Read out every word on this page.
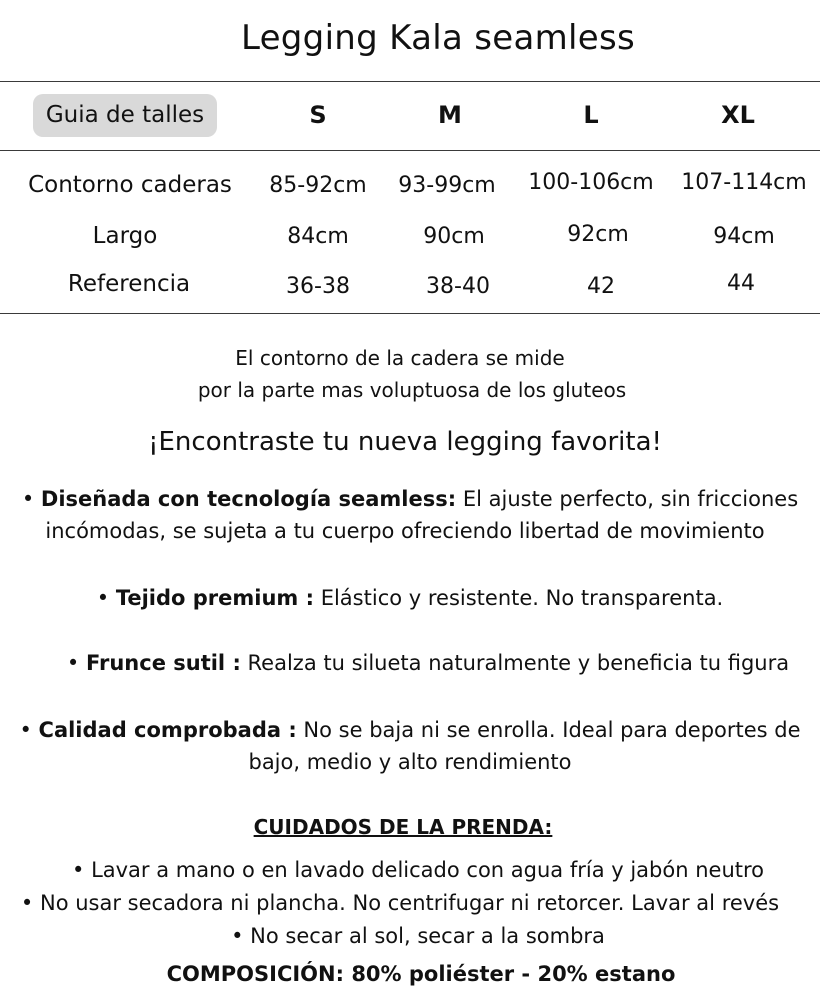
Legging Kala seamless
Guia de talles	S	M	L	XL
Contorno caderas	85-92cm	93-99cm	100-106cm	107-114cm
Largo	84cm	90cm	92cm	94cm
Referencia	36-38	38-40	42	44
El contorno de la cadera se mide
por la parte mas voluptuosa de los gluteos
¡Encontraste tu nueva legging favorita!
• Diseñada con tecnología seamless: El ajuste perfecto, sin fricciones
incómodas, se sujeta a tu cuerpo ofreciendo libertad de movimiento
• Tejido premium : Elástico y resistente. No transparenta.
• Frunce sutil : Realza tu silueta naturalmente y beneficia tu figura
• Calidad comprobada : No se baja ni se enrolla. Ideal para deportes de
bajo, medio y alto rendimiento
CUIDADOS DE LA PRENDA:
• Lavar a mano o en lavado delicado con agua fría y jabón neutro
• No usar secadora ni plancha. No centrifugar ni retorcer. Lavar al revés
• No secar al sol, secar a la sombra
COMPOSICIÓN: 80% poliéster - 20% estano
